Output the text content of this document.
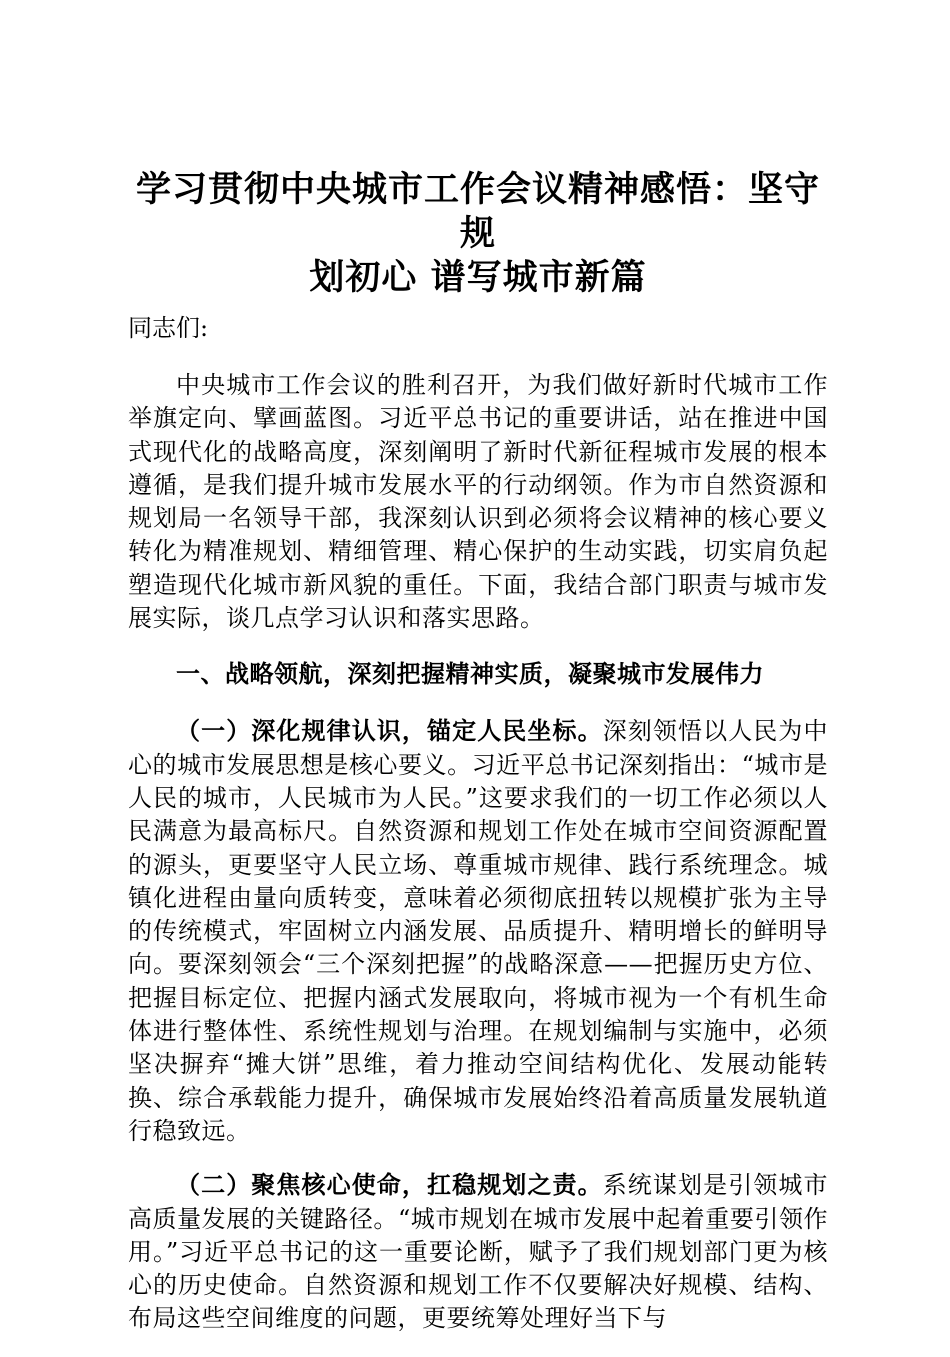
学习贯彻中央城市工作会议精神感悟：坚守规
划初心 谱写城市新篇

同志们:

中央城市工作会议的胜利召开，为我们做好新时代城市工作举旗定向、擘画蓝图。习近平总书记的重要讲话，站在推进中国式现代化的战略高度，深刻阐明了新时代新征程城市发展的根本遵循，是我们提升城市发展水平的行动纲领。作为市自然资源和规划局一名领导干部，我深刻认识到必须将会议精神的核心要义转化为精准规划、精细管理、精心保护的生动实践，切实肩负起塑造现代化城市新风貌的重任。下面，我结合部门职责与城市发展实际，谈几点学习认识和落实思路。

一、战略领航，深刻把握精神实质，凝聚城市发展伟力

（一）深化规律认识，锚定人民坐标。深刻领悟以人民为中心的城市发展思想是核心要义。习近平总书记深刻指出：“城市是人民的城市，人民城市为人民。”这要求我们的一切工作必须以人民满意为最高标尺。自然资源和规划工作处在城市空间资源配置的源头，更要坚守人民立场、尊重城市规律、践行系统理念。城镇化进程由量向质转变，意味着必须彻底扭转以规模扩张为主导的传统模式，牢固树立内涵发展、品质提升、精明增长的鲜明导向。要深刻领会“三个深刻把握”的战略深意——把握历史方位、把握目标定位、把握内涵式发展取向，将城市视为一个有机生命体进行整体性、系统性规划与治理。在规划编制与实施中，必须坚决摒弃“摊大饼”思维，着力推动空间结构优化、发展动能转换、综合承载能力提升，确保城市发展始终沿着高质量发展轨道行稳致远。

（二）聚焦核心使命，扛稳规划之责。系统谋划是引领城市高质量发展的关键路径。“城市规划在城市发展中起着重要引领作用。”习近平总书记的这一重要论断，赋予了我们规划部门更为核心的历史使命。自然资源和规划工作不仅要解决好规模、结构、布局这些空间维度的问题，更要统筹处理好当下与
